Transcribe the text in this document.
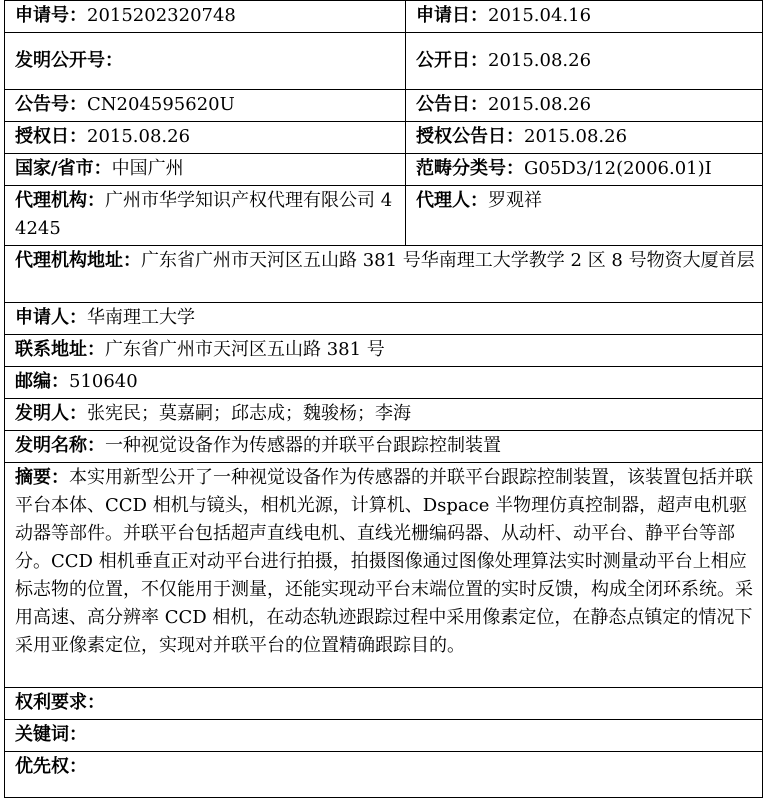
申请号：2015202320748	申请日：2015.04.16
发明公开号：	公开日：2015.08.26
公告号：CN204595620U	公告日：2015.08.26
授权日：2015.08.26	授权公告日：2015.08.26
国家/省市：中国广州	范畴分类号：G05D3/12(2006.01)I
代理机构：广州市华学知识产权代理有限公司 44245	代理人：罗观祥
代理机构地址：广东省广州市天河区五山路 381 号华南理工大学教学 2 区 8 号物资大厦首层	
申请人：华南理工大学	
联系地址：广东省广州市天河区五山路 381 号	
邮编：510640	
发明人：张宪民；莫嘉嗣；邱志成；魏骏杨；李海	
发明名称：一种视觉设备作为传感器的并联平台跟踪控制装置	
摘要：本实用新型公开了一种视觉设备作为传感器的并联平台跟踪控制装置，该装置包括并联平台本体、CCD 相机与镜头，相机光源，计算机、Dspace 半物理仿真控制器，超声电机驱动器等部件。并联平台包括超声直线电机、直线光栅编码器、从动杆、动平台、静平台等部分。CCD 相机垂直正对动平台进行拍摄，拍摄图像通过图像处理算法实时测量动平台上相应标志物的位置，不仅能用于测量，还能实现动平台末端位置的实时反馈，构成全闭环系统。采用高速、高分辨率 CCD 相机，在动态轨迹跟踪过程中采用像素定位，在静态点镇定的情况下采用亚像素定位，实现对并联平台的位置精确跟踪目的。	
权利要求：	
关键词：	
优先权：	
